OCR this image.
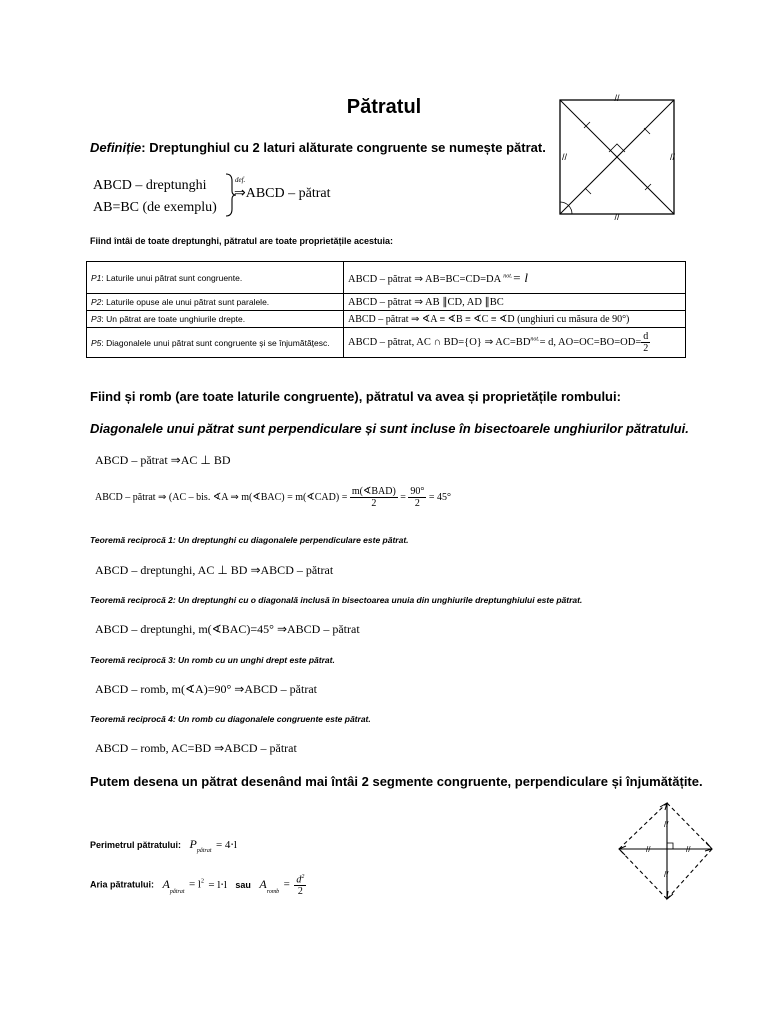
Pătratul	//
//
//	//
Definiție: Dreptunghiul cu 2 laturi alăturate congruente se numește pătrat.
ABCD – dreptunghi
AB=BC (de exemplu)
def.
⇒ABCD – pătrat
Fiind întâi de toate dreptunghi, pătratul are toate proprietățile acestuia:
P1: Laturile unui pătrat sunt congruente.	ABCD – pătrat ⇒ AB=BC=CD=DA $^{not.}$= l
P2: Laturile opuse ale unui pătrat sunt paralele.	ABCD – pătrat ⇒ AB ∥CD, AD ∥BC
P3: Un pătrat are toate unghiurile drepte.	ABCD – pătrat ⇒ ∢A ≡ ∢B ≡ ∢C ≡ ∢D (unghiuri cu măsura de 90°)
P5: Diagonalele unui pătrat sunt congruente și se înjumătățesc.	ABCD – pătrat, AC ∩ BD={O} ⇒ $AC=BD^{not.}= d$, $AO=OC=BO=OD= \frac{d}{2}$
Fiind și romb (are toate laturile congruente), pătratul va avea și proprietățile rombului:
Diagonalele unui pătrat sunt perpendiculare și sunt incluse în bisectoarele unghiurilor pătratului.
ABCD – pătrat ⇒AC ⊥ BD
ABCD – pătrat ⇒ (AC – bis. ∢A ⇒ m(∢BAC) = m(∢CAD) = $\frac{\text{m(∢BAD)}}{2} = \frac{90^\circ}{2} = 45^\circ$
Teoremă reciprocă 1: Un dreptunghi cu diagonalele perpendiculare este pătrat.
ABCD – dreptunghi, AC ⊥ BD ⇒ABCD – pătrat
Teoremă reciprocă 2: Un dreptunghi cu o diagonală inclusă în bisectoarea unuia din unghiurile dreptunghiului este pătrat.
ABCD – dreptunghi, m(∢BAC)=45° ⇒ABCD – pătrat
Teoremă reciprocă 3: Un romb cu un unghi drept este pătrat.
ABCD – romb, m(∢A)=90° ⇒ABCD – pătrat
Teoremă reciprocă 4: Un romb cu diagonalele congruente este pătrat.
ABCD – romb, AC=BD ⇒ABCD – pătrat
Putem desena un pătrat desenând mai întâi 2 segmente congruente, perpendiculare și înjumătățite.
Perimetrul pătratului: $P_{pătrat} = 4\cdot l$
Aria pătratului: $A_{pătrat} = l^2 = l\cdot l$ sau $A_{romb} = \frac{d^2}{2}$
//	//
//
//
